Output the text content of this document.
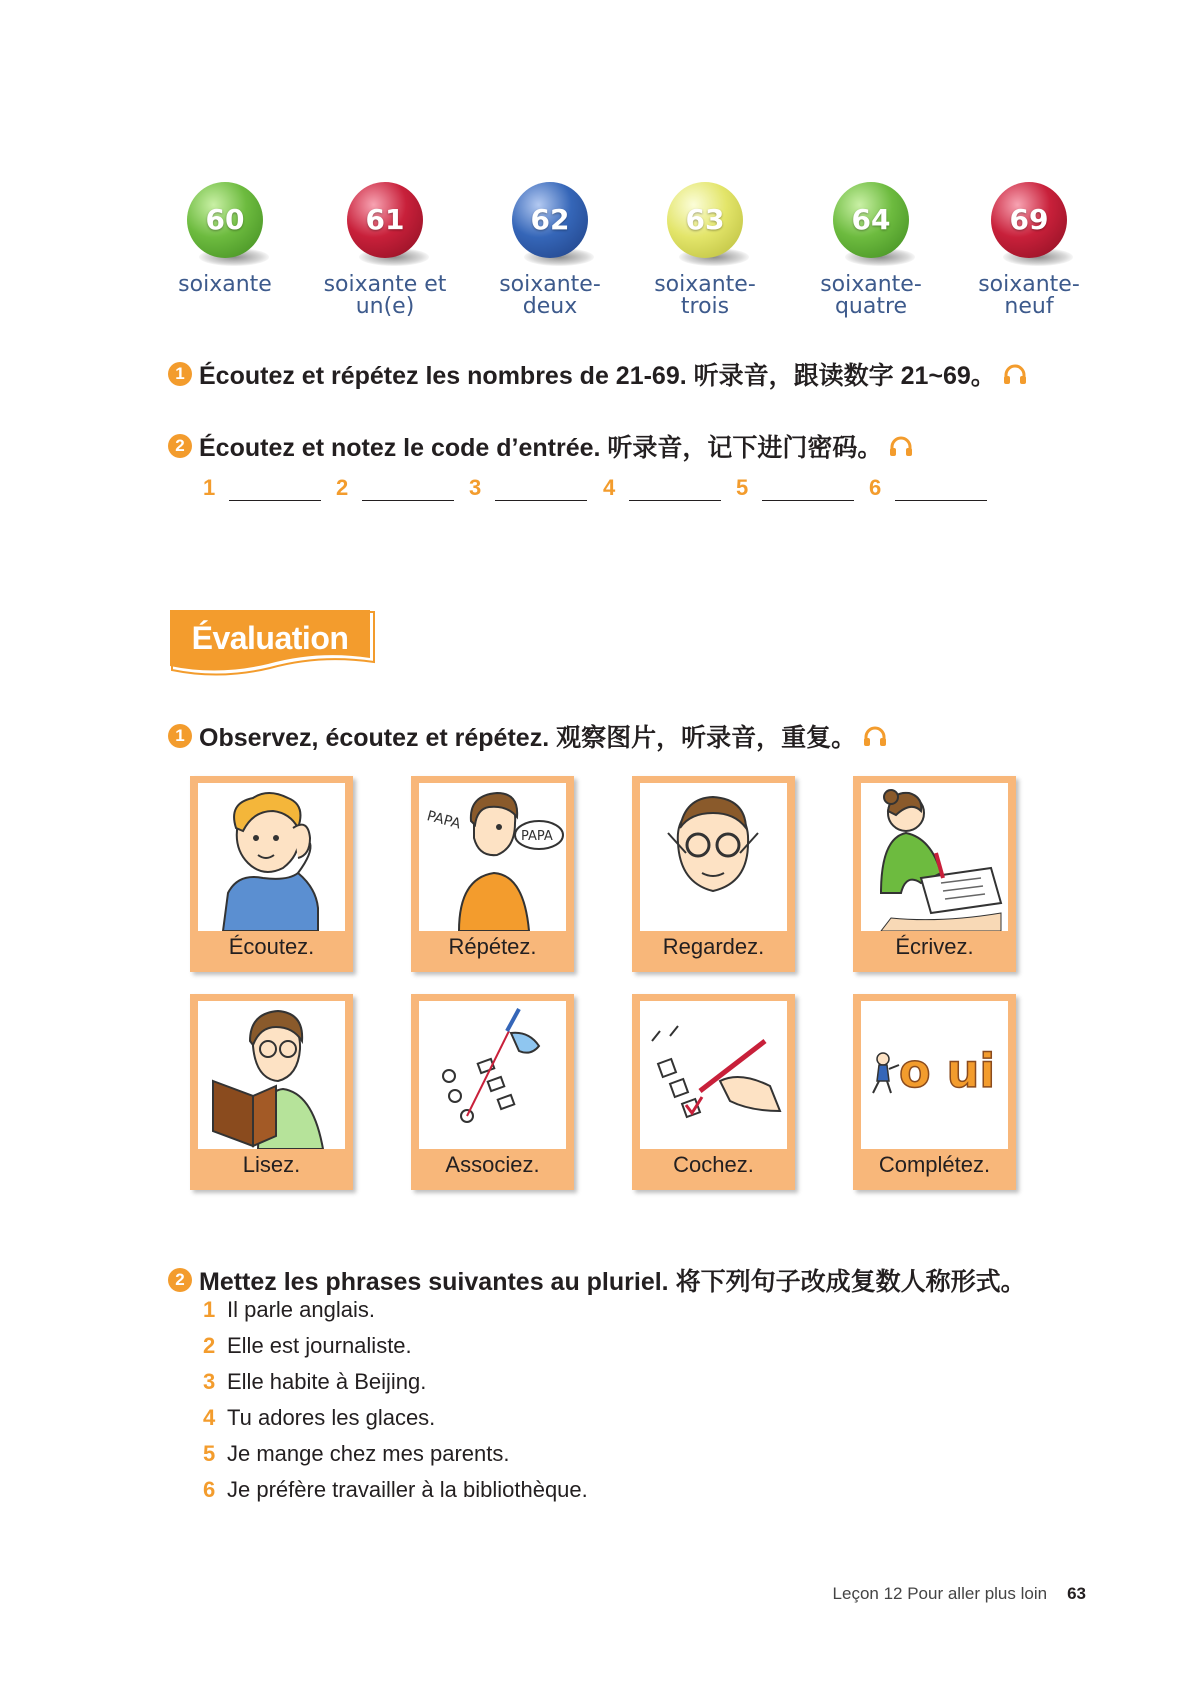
60
soixante
61
soixante et
un(e)
62
soixante-
deux
63
soixante-
trois
64
soixante-
quatre
69
soixante-
neuf
1 Écoutez et répétez les nombres de 21-69. 听录音，跟读数字 21~69。
2 Écoutez et notez le code d’entrée. 听录音，记下进门密码。
1	2	3	4	5	6
Évaluation
1 Observez, écoutez et répétez. 观察图片，听录音，重复。
Écoutez.
PAPA
PAPA
Répétez.	Regardez.	Écrivez.
Lisez.	Associez.	Cochez.
o ui
Complétez.
2 Mettez les phrases suivantes au pluriel. 将下列句子改成复数人称形式。
1 Il parle anglais.
2 Elle est journaliste.
3 Elle habite à Beijing.
4 Tu adores les glaces.
5 Je mange chez mes parents.
6 Je préfère travailler à la bibliothèque.
Leçon 12 Pour aller plus loin 63
